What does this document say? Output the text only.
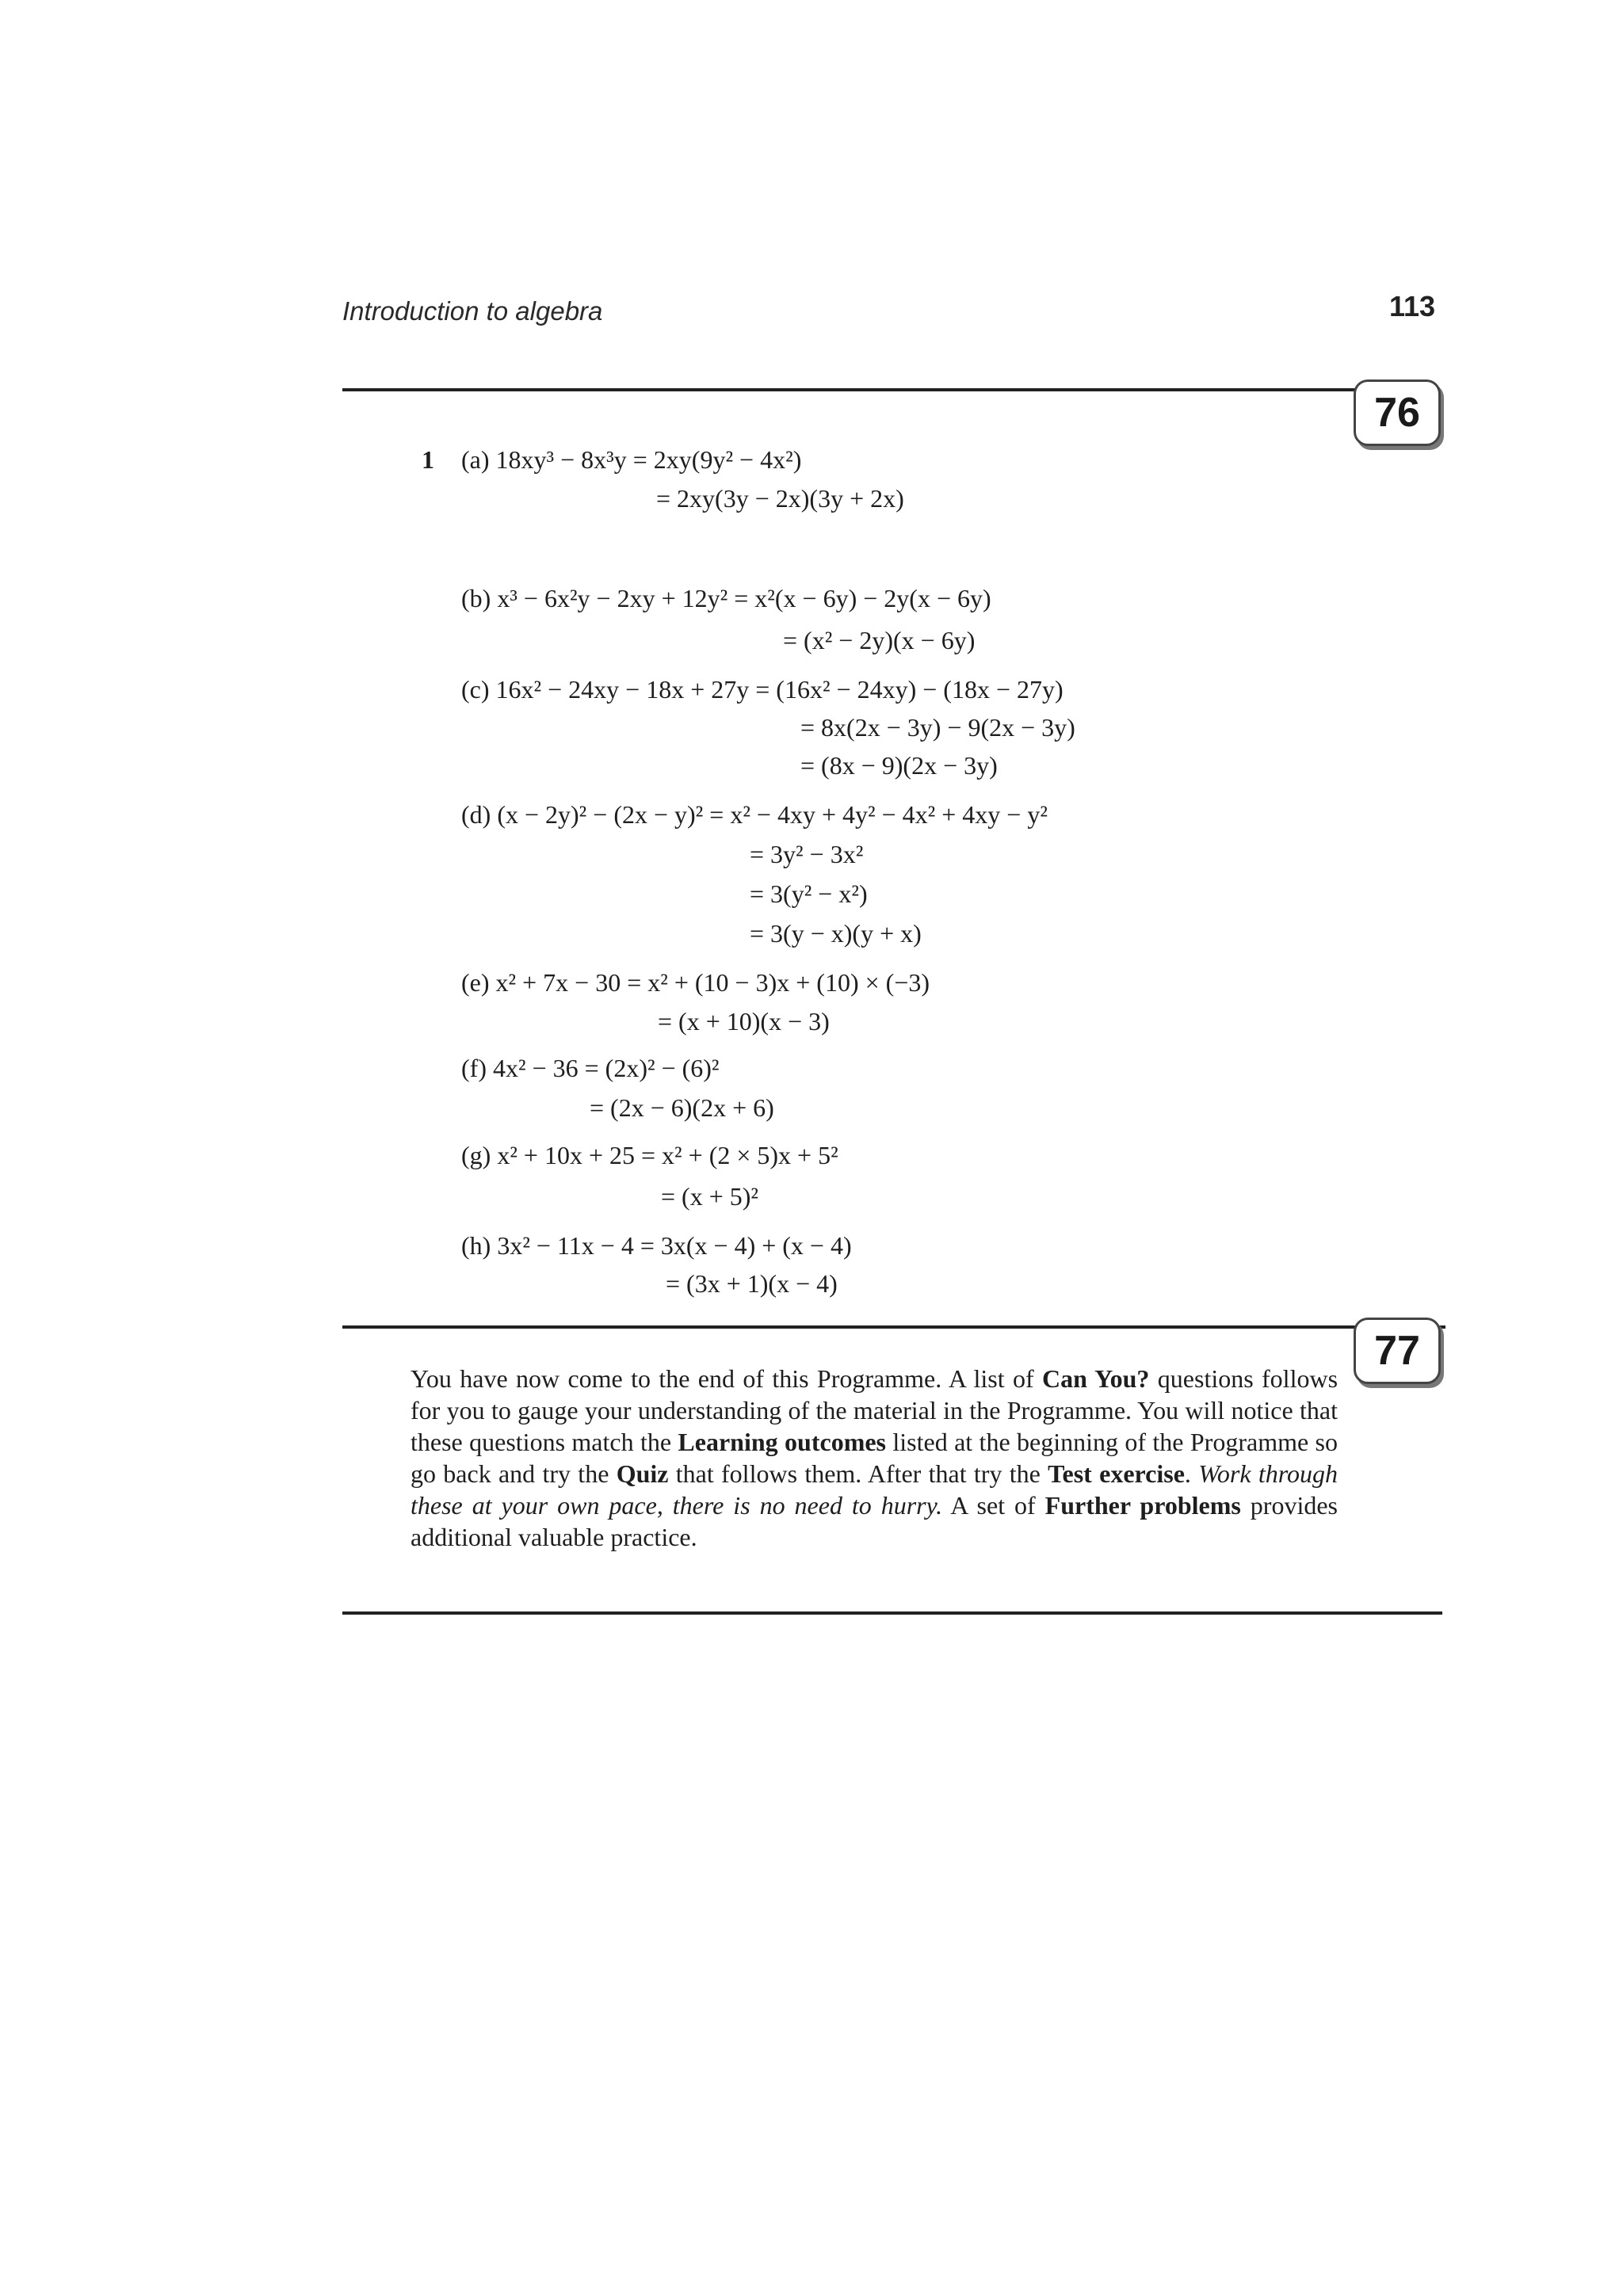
Introduction to algebra	113
76
1 (a) 18xy³ − 8x³y = 2xy(9y² − 4x²)
= 2xy(3y − 2x)(3y + 2x)
(b) x³ − 6x²y − 2xy + 12y² = x²(x − 6y) − 2y(x − 6y)
= (x² − 2y)(x − 6y)
(c) 16x² − 24xy − 18x + 27y = (16x² − 24xy) − (18x − 27y)
= 8x(2x − 3y) − 9(2x − 3y)
= (8x − 9)(2x − 3y)
(d) (x − 2y)² − (2x − y)² = x² − 4xy + 4y² − 4x² + 4xy − y²
= 3y² − 3x²
= 3(y² − x²)
= 3(y − x)(y + x)
(e) x² + 7x − 30 = x² + (10 − 3)x + (10) × (−3)
= (x + 10)(x − 3)
(f) 4x² − 36 = (2x)² − (6)²
= (2x − 6)(2x + 6)
(g) x² + 10x + 25 = x² + (2 × 5)x + 5²
= (x + 5)²
(h) 3x² − 11x − 4 = 3x(x − 4) + (x − 4)
= (3x + 1)(x − 4)
77
You have now come to the end of this Programme. A list of Can You? questions follows for you to gauge your understanding of the material in the Programme. You will notice that these questions match the Learning outcomes listed at the beginning of the Programme so go back and try the Quiz that follows them. After that try the Test exercise. Work through these at your own pace, there is no need to hurry. A set of Further problems provides additional valuable practice.
